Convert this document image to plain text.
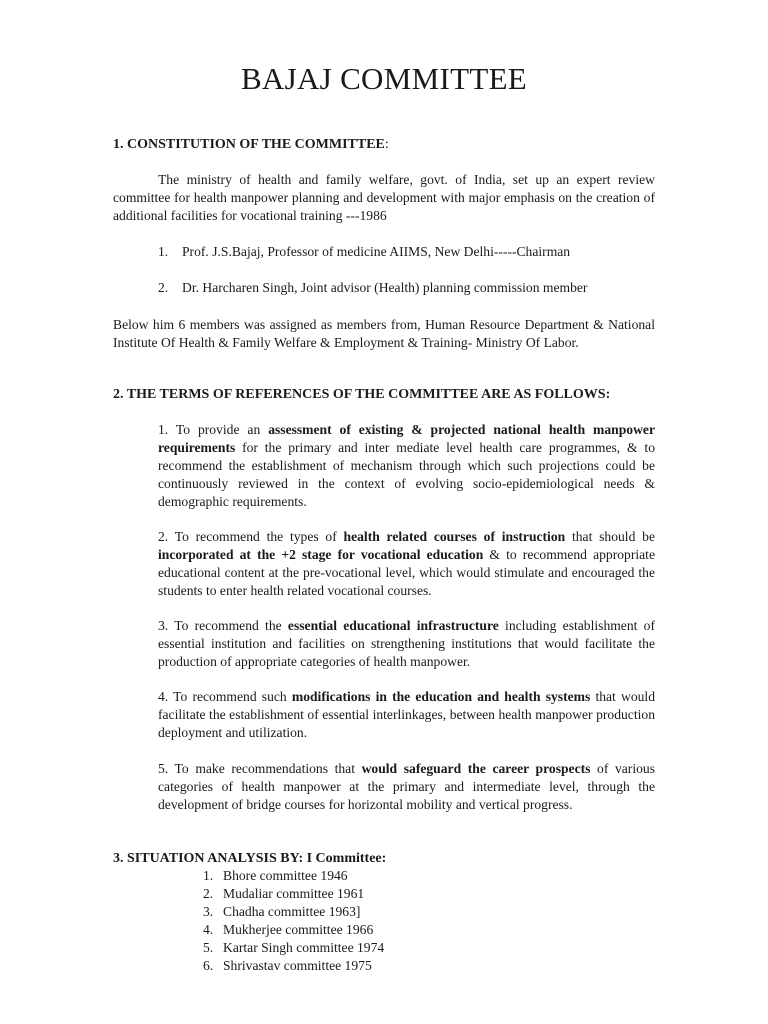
BAJAJ COMMITTEE
1. CONSTITUTION OF THE COMMITTEE:

The ministry of health and family welfare, govt. of India, set up an expert review committee for health manpower planning and development with major emphasis on the creation of additional facilities for vocational training ---1986

1. Prof. J.S.Bajaj, Professor of medicine AIIMS, New Delhi-----Chairman
2. Dr. Harcharen Singh, Joint advisor (Health) planning commission member

Below him 6 members was assigned as members from, Human Resource Department & National Institute Of Health & Family Welfare & Employment & Training- Ministry Of Labor.

2. THE TERMS OF REFERENCES OF THE COMMITTEE ARE AS FOLLOWS:

1. To provide an assessment of existing & projected national health manpower requirements for the primary and inter mediate level health care programmes, & to recommend the establishment of mechanism through which such projections could be continuously reviewed in the context of evolving socio-epidemiological needs & demographic requirements.

2. To recommend the types of health related courses of instruction that should be incorporated at the +2 stage for vocational education & to recommend appropriate educational content at the pre-vocational level, which would stimulate and encouraged the students to enter health related vocational courses.

3. To recommend the essential educational infrastructure including establishment of essential institution and facilities on strengthening institutions that would facilitate the production of appropriate categories of health manpower.

4. To recommend such modifications in the education and health systems that would facilitate the establishment of essential interlinkages, between health manpower production deployment and utilization.

5. To make recommendations that would safeguard the career prospects of various categories of health manpower at the primary and intermediate level, through the development of bridge courses for horizontal mobility and vertical progress.

3. SITUATION ANALYSIS BY: I Committee:
1. Bhore committee 1946
2. Mudaliar committee 1961
3. Chadha committee 1963]
4. Mukherjee committee 1966
5. Kartar Singh committee 1974
6. Shrivastav committee 1975
